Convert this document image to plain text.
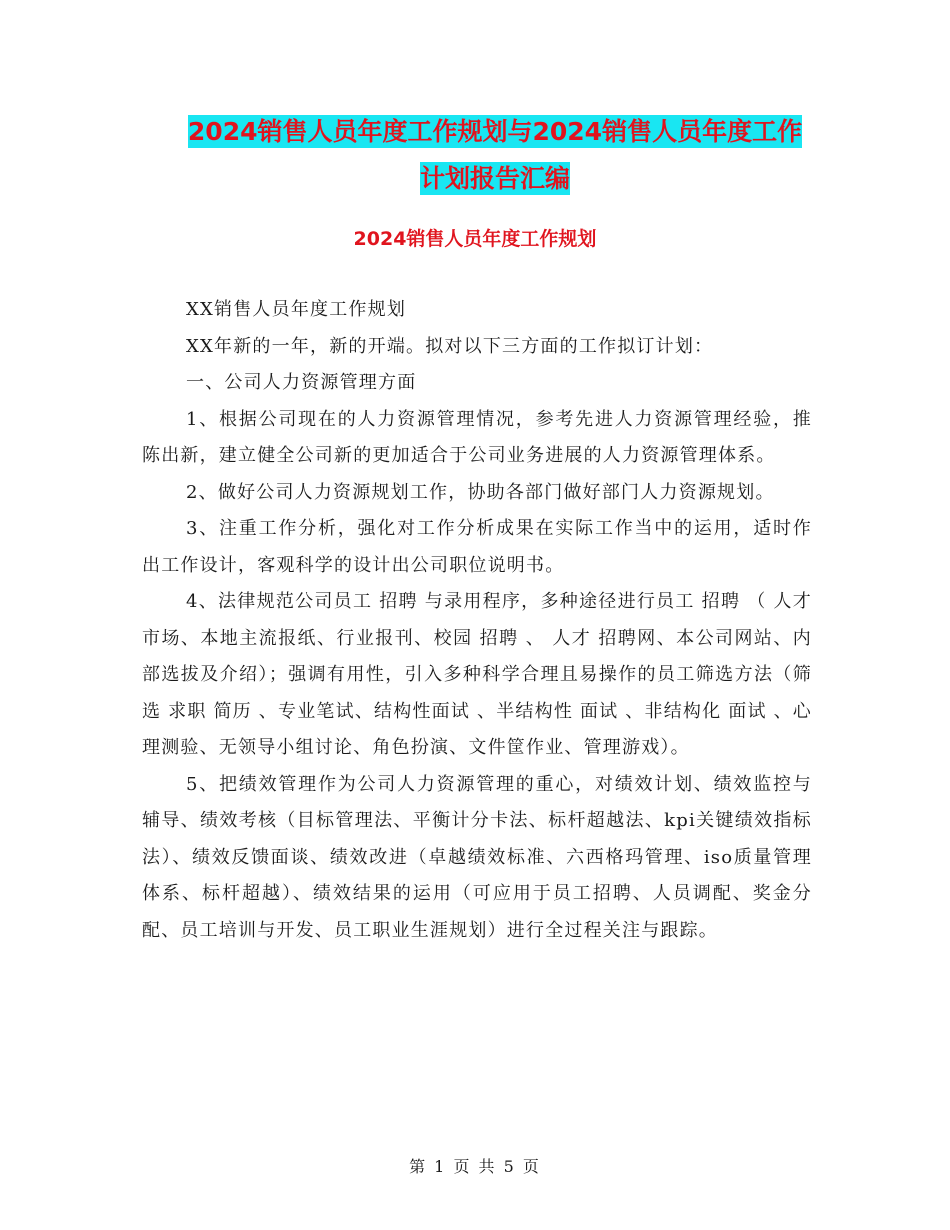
2024销售人员年度工作规划与2024销售人员年度工作
计划报告汇编
2024销售人员年度工作规划

XX销售人员年度工作规划

XX年新的一年，新的开端。拟对以下三方面的工作拟订计划：

一、公司人力资源管理方面

1、根据公司现在的人力资源管理情况，参考先进人力资源管理经验，推陈出新，建立健全公司新的更加适合于公司业务进展的人力资源管理体系。

2、做好公司人力资源规划工作，协助各部门做好部门人力资源规划。

3、注重工作分析，强化对工作分析成果在实际工作当中的运用，适时作出工作设计，客观科学的设计出公司职位说明书。

4、法律规范公司员工 招聘 与录用程序，多种途径进行员工 招聘 （ 人才 市场、本地主流报纸、行业报刊、校园 招聘 、 人才 招聘网、本公司网站、内部选拔及介绍）；强调有用性，引入多种科学合理且易操作的员工筛选方法（筛选 求职 简历 、专业笔试、结构性面试 、半结构性 面试 、非结构化 面试 、心理测验、无领导小组讨论、角色扮演、文件筐作业、管理游戏）。

5、把绩效管理作为公司人力资源管理的重心，对绩效计划、绩效监控与辅导、绩效考核（目标管理法、平衡计分卡法、标杆超越法、kpi关键绩效指标法）、绩效反馈面谈、绩效改进（卓越绩效标准、六西格玛管理、iso质量管理体系、标杆超越）、绩效结果的运用（可应用于员工招聘、人员调配、奖金分配、员工培训与开发、员工职业生涯规划）进行全过程关注与跟踪。

第 1 页 共 5 页
